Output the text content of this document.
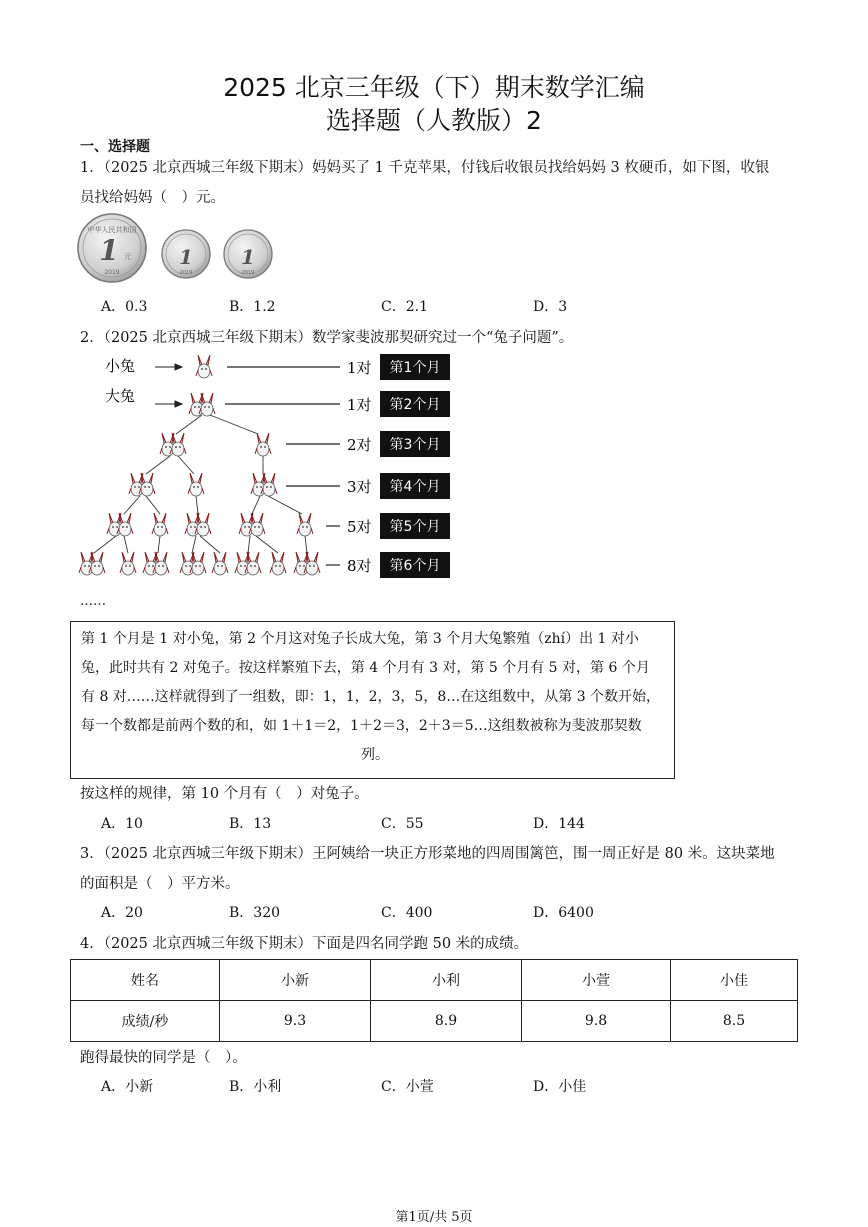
2025 北京三年级（下）期末数学汇编
选择题（人教版）2
一、选择题
1．（2025 北京西城三年级下期末）妈妈买了 1 千克苹果，付钱后收银员找给妈妈 3 枚硬币，如下图，收银
员找给妈妈（　）元。
中华人民共和国
1 元
2019
1
2019
1
2019
A．0.3	B．1.2	C．2.1	D．3
2．（2025 北京西城三年级下期末）数学家斐波那契研究过一个“兔子问题”。
小兔
大兔
1对
1对
2对
3对
5对
8对
第1个月
第2个月
第3个月
第4个月
第5个月
第6个月
……
第 1 个月是 1 对小兔，第 2 个月这对兔子长成大兔，第 3 个月大兔繁殖（zhí）出 1 对小
兔，此时共有 2 对兔子。按这样繁殖下去，第 4 个月有 3 对，第 5 个月有 5 对，第 6 个月
有 8 对……这样就得到了一组数，即：1，1，2，3，5，8…在这组数中，从第 3 个数开始，
每一个数都是前两个数的和，如 1＋1＝2，1＋2＝3，2＋3＝5…这组数被称为斐波那契数
列。
按这样的规律，第 10 个月有（　）对兔子。
A．10	B．13	C．55	D．144
3．（2025 北京西城三年级下期末）王阿姨给一块正方形菜地的四周围篱笆，围一周正好是 80 米。这块菜地
的面积是（　）平方米。
A．20	B．320	C．400	D．6400
4．（2025 北京西城三年级下期末）下面是四名同学跑 50 米的成绩。
姓名	小新	小利	小萱	小佳
成绩/秒	9.3	8.9	9.8	8.5
跑得最快的同学是（　）。
A．小新	B．小利	C．小萱	D．小佳
第1页/共 5页
